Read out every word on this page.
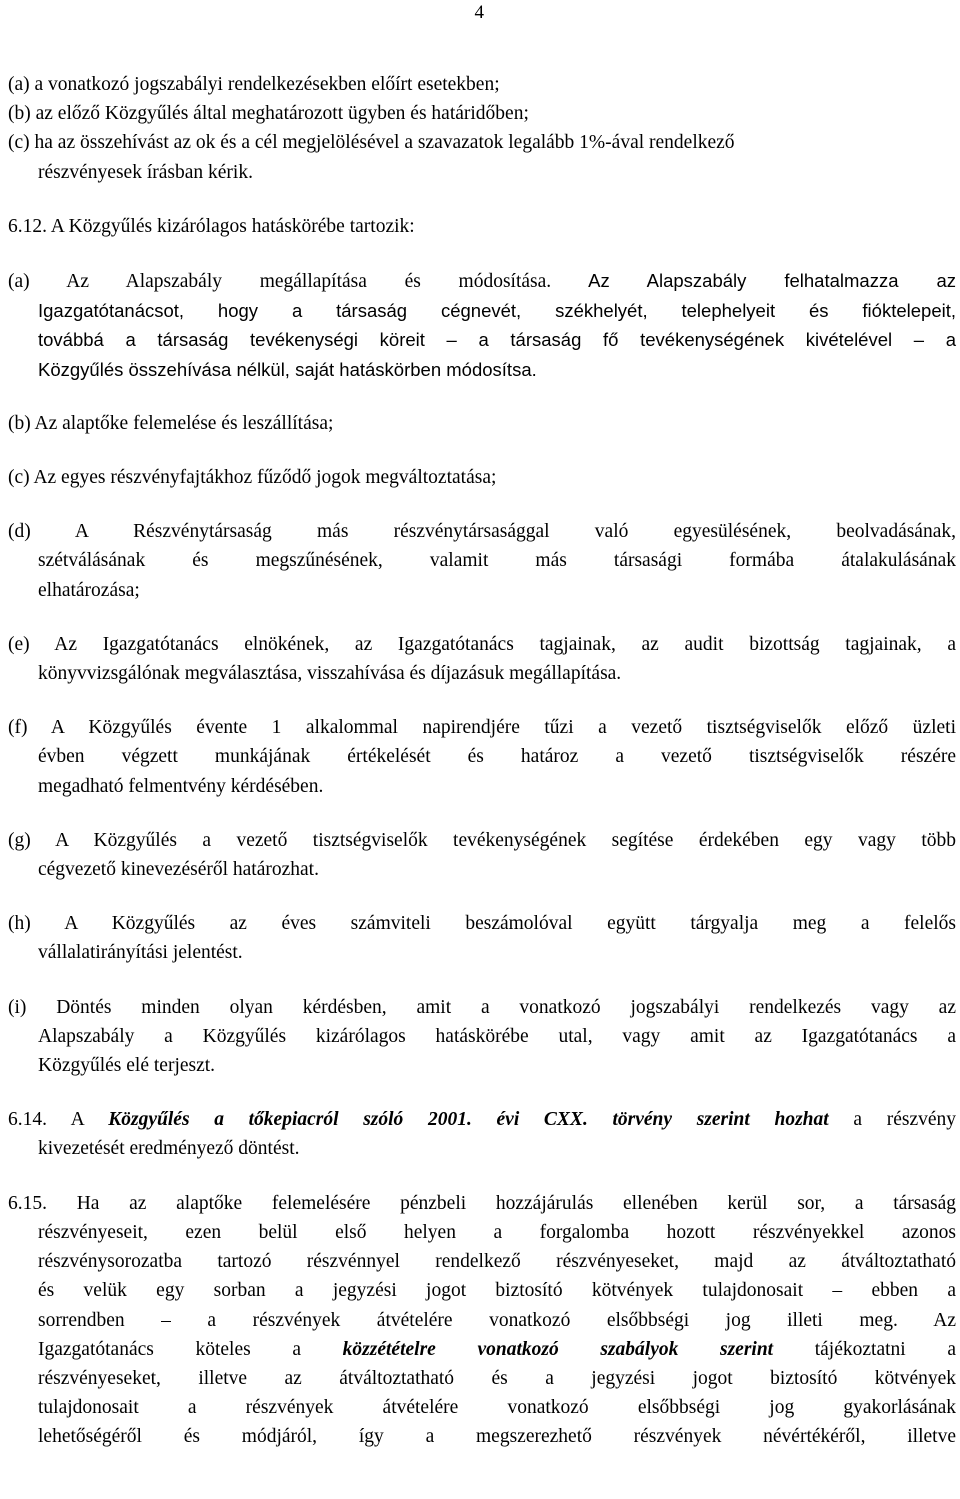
4
(a) a vonatkozó jogszabályi rendelkezésekben előírt esetekben;
(b) az előző Közgyűlés által meghatározott ügyben és határidőben;
(c) ha az összehívást az ok és a cél megjelölésével a szavazatok legalább 1%-ával rendelkező
részvényesek írásban kérik.
6.12. A Közgyűlés kizárólagos hatáskörébe tartozik:
(a) Az Alapszabály megállapítása és módosítása. Az Alapszabály felhatalmazza az
Igazgatótanácsot, hogy a társaság cégnevét, székhelyét, telephelyeit és fióktelepeit,
továbbá a társaság tevékenységi köreit – a társaság fő tevékenységének kivételével – a
Közgyűlés összehívása nélkül, saját hatáskörben módosítsa.
(b) Az alaptőke felemelése és leszállítása;
(c) Az egyes részvényfajtákhoz fűződő jogok megváltoztatása;
(d) A Részvénytársaság más részvénytársasággal való egyesülésének, beolvadásának,
szétválásának és megszűnésének, valamit más társasági formába átalakulásának
elhatározása;
(e) Az Igazgatótanács elnökének, az Igazgatótanács tagjainak, az audit bizottság tagjainak, a
könyvvizsgálónak megválasztása, visszahívása és díjazásuk megállapítása.
(f) A Közgyűlés évente 1 alkalommal napirendjére tűzi a vezető tisztségviselők előző üzleti
évben végzett munkájának értékelését és határoz a vezető tisztségviselők részére
megadható felmentvény kérdésében.
(g) A Közgyűlés a vezető tisztségviselők tevékenységének segítése érdekében egy vagy több
cégvezető kinevezéséről határozhat.
(h) A Közgyűlés az éves számviteli beszámolóval együtt tárgyalja meg a felelős
vállalatirányítási jelentést.
(i) Döntés minden olyan kérdésben, amit a vonatkozó jogszabályi rendelkezés vagy az
Alapszabály a Közgyűlés kizárólagos hatáskörébe utal, vagy amit az Igazgatótanács a
Közgyűlés elé terjeszt.
6.14. A Közgyűlés a tőkepiacról szóló 2001. évi CXX. törvény szerint hozhat a részvény
kivezetését eredményező döntést.
6.15. Ha az alaptőke felemelésére pénzbeli hozzájárulás ellenében kerül sor, a társaság
részvényeseit, ezen belül első helyen a forgalomba hozott részvényekkel azonos
részvénysorozatba tartozó részvénnyel rendelkező részvényeseket, majd az átváltoztatható
és velük egy sorban a jegyzési jogot biztosító kötvények tulajdonosait – ebben a
sorrendben – a részvények átvételére vonatkozó elsőbbségi jog illeti meg. Az
Igazgatótanács köteles a közzétételre vonatkozó szabályok szerint tájékoztatni a
részvényeseket, illetve az átváltoztatható és a jegyzési jogot biztosító kötvények
tulajdonosait a részvények átvételére vonatkozó elsőbbségi jog gyakorlásának
lehetőségéről és módjáról, így a megszerezhető részvények névértékéről, illetve
